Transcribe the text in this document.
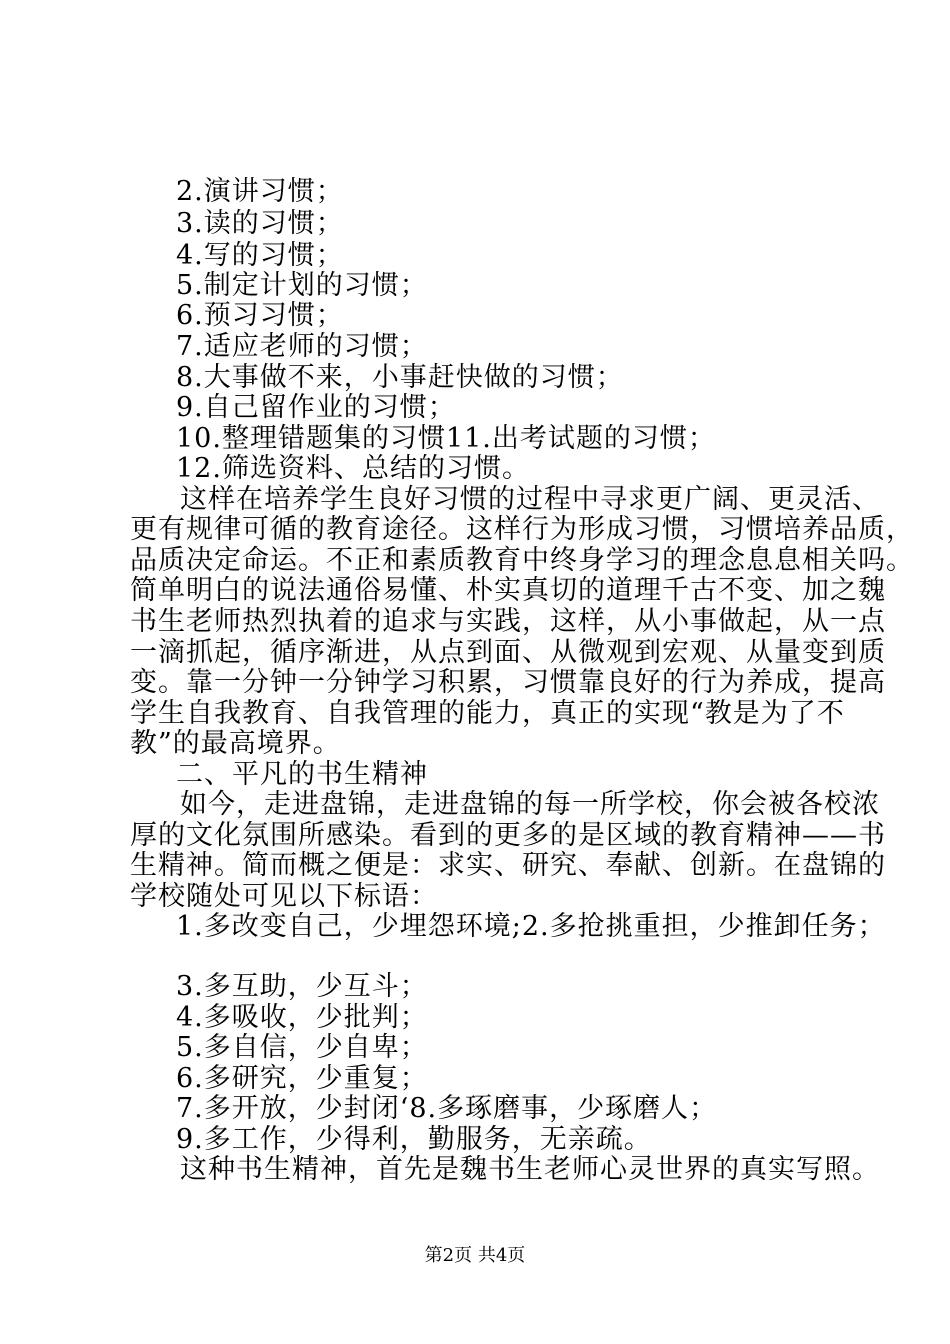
2.演讲习惯；
3.读的习惯；
4.写的习惯；
5.制定计划的习惯；
6.预习习惯；
7.适应老师的习惯；
8.大事做不来，小事赶快做的习惯；
9.自己留作业的习惯；
10.整理错题集的习惯11.出考试题的习惯；
12.筛选资料、总结的习惯。
这样在培养学生良好习惯的过程中寻求更广阔、更灵活、
更有规律可循的教育途径。这样行为形成习惯，习惯培养品质，
品质决定命运。不正和素质教育中终身学习的理念息息相关吗。
简单明白的说法通俗易懂、朴实真切的道理千古不变、加之魏
书生老师热烈执着的追求与实践，这样，从小事做起，从一点
一滴抓起，循序渐进，从点到面、从微观到宏观、从量变到质
变。靠一分钟一分钟学习积累，习惯靠良好的行为养成，提高
学生自我教育、自我管理的能力，真正的实现“教是为了不
教”的最高境界。
二、平凡的书生精神
如今，走进盘锦，走进盘锦的每一所学校，你会被各校浓
厚的文化氛围所感染。看到的更多的是区域的教育精神——书
生精神。简而概之便是：求实、研究、奉献、创新。在盘锦的
学校随处可见以下标语：
1.多改变自己，少埋怨环境;2.多抢挑重担，少推卸任务；
3.多互助，少互斗；
4.多吸收，少批判；
5.多自信，少自卑；
6.多研究，少重复；
7.多开放，少封闭‘8.多琢磨事，少琢磨人；
9.多工作，少得利，勤服务，无亲疏。
这种书生精神，首先是魏书生老师心灵世界的真实写照。
第2页 共4页
